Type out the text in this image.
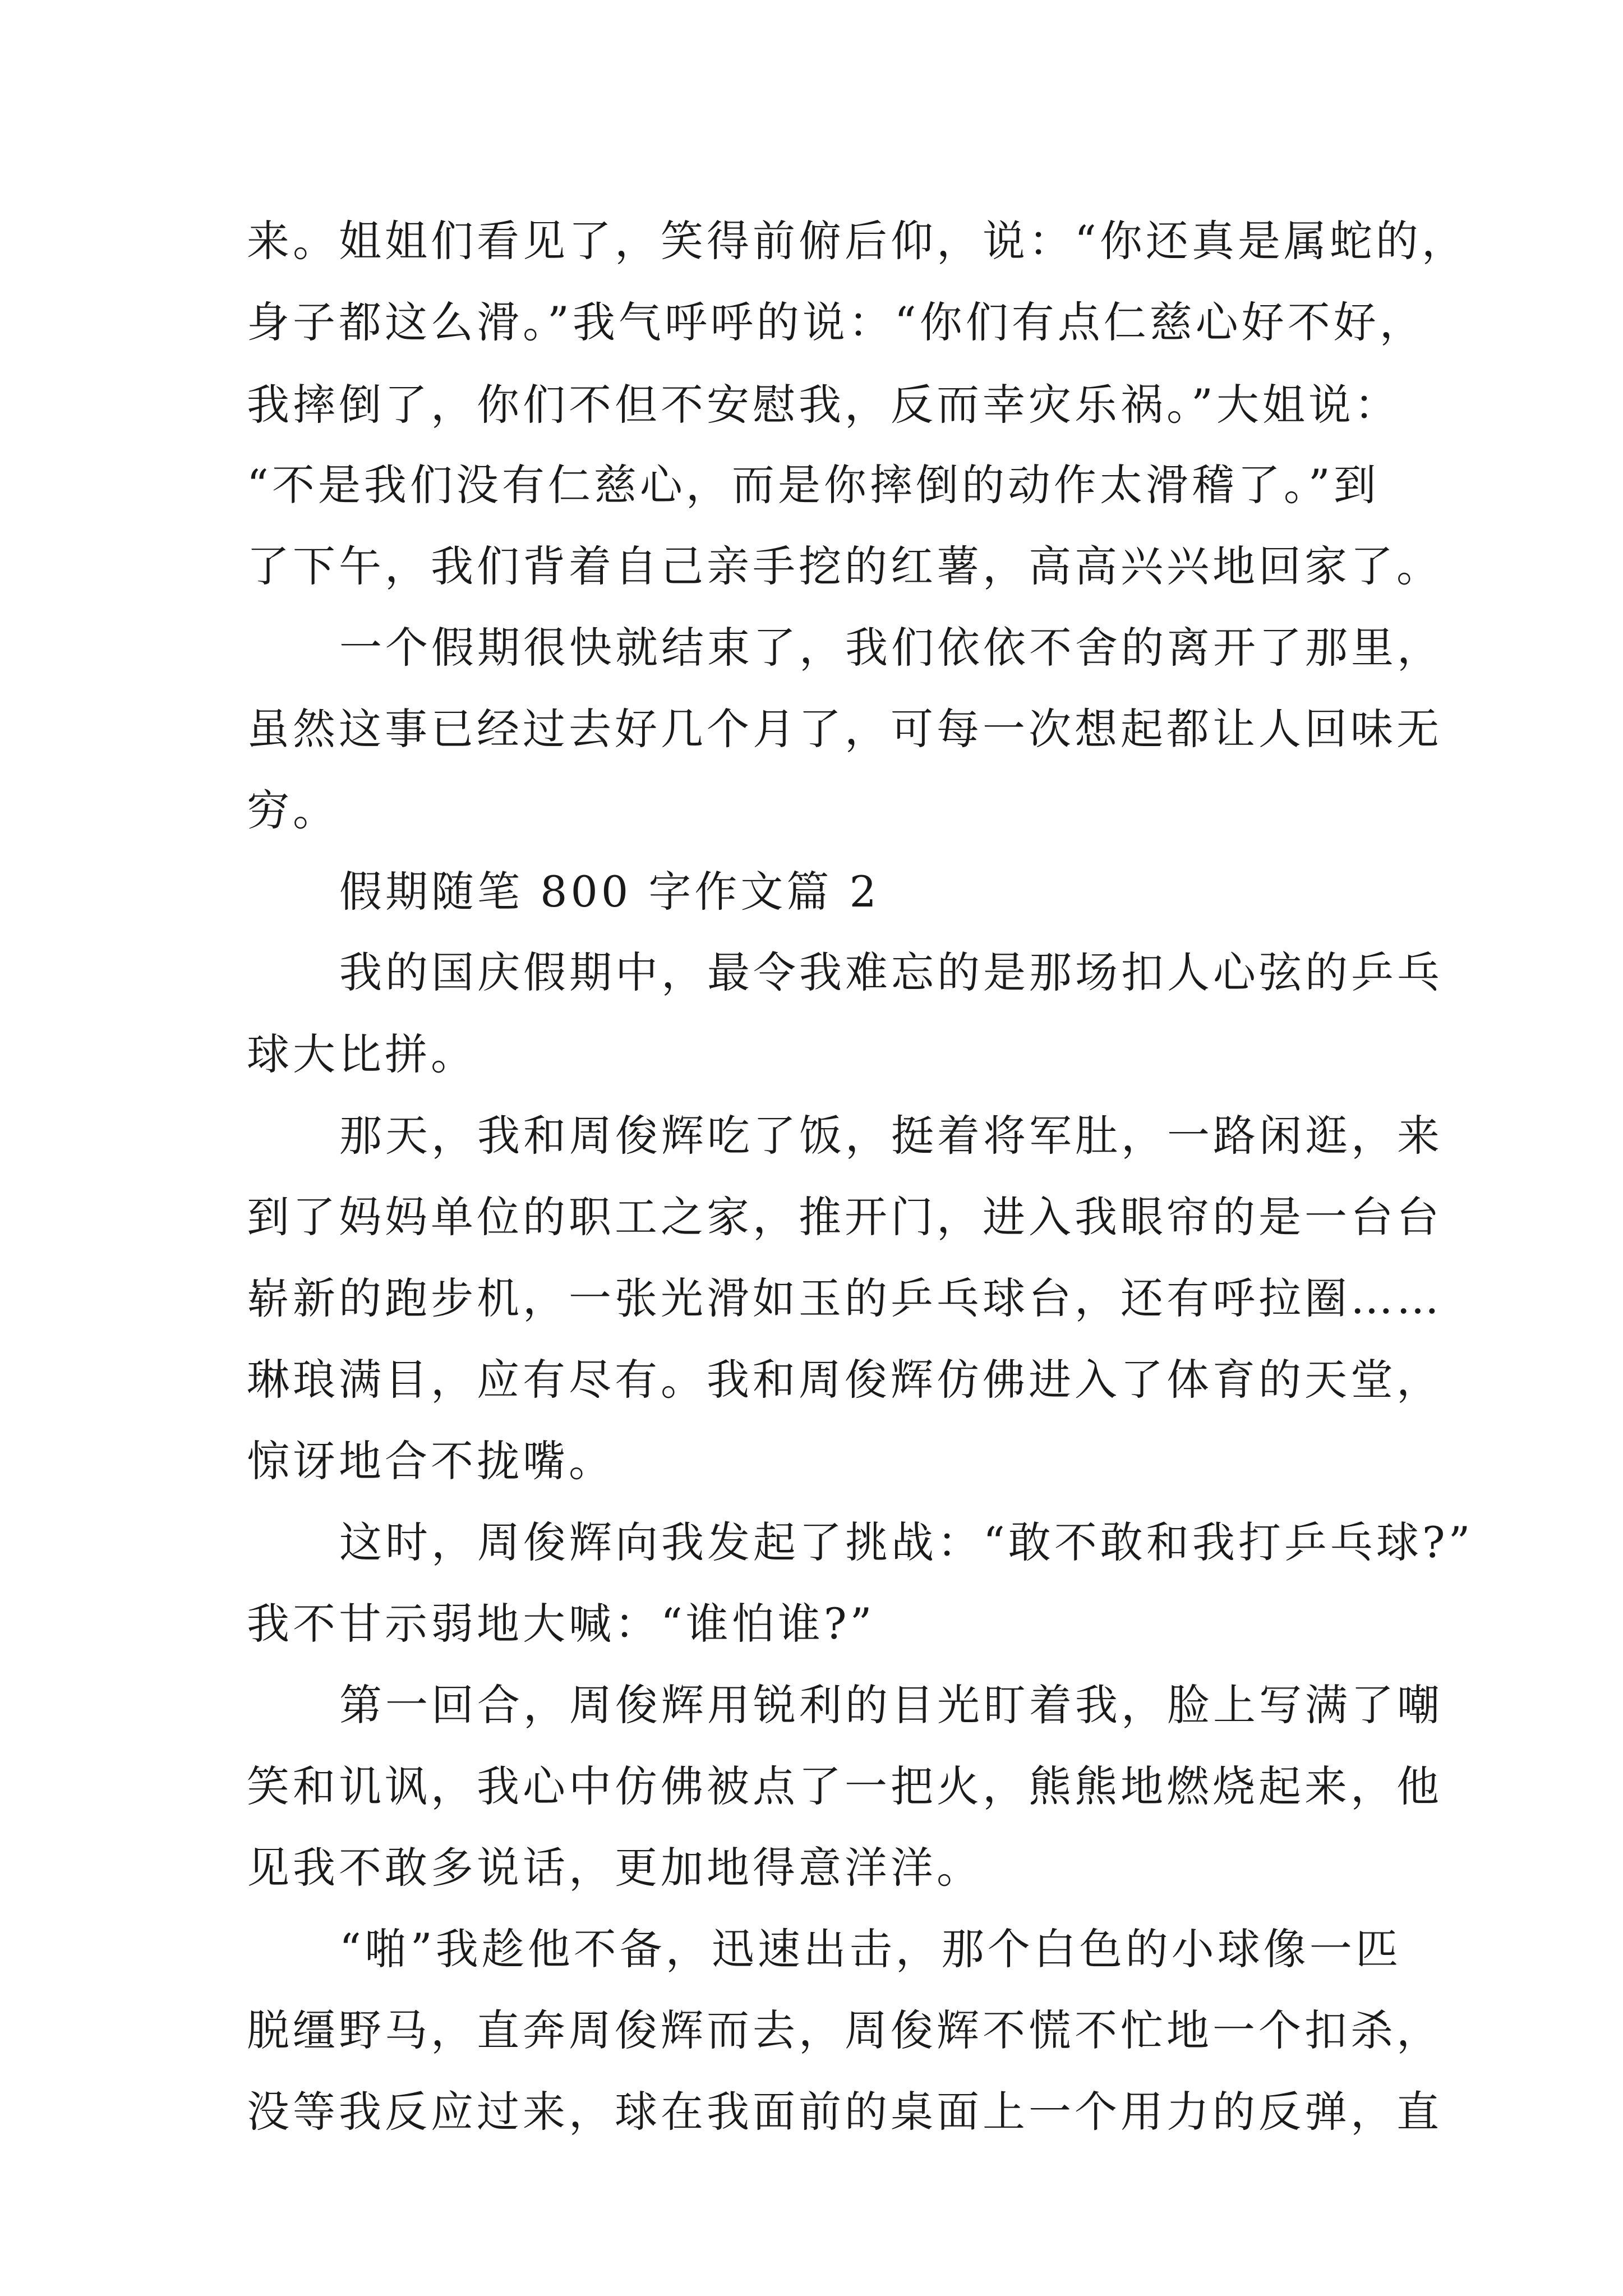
来。姐姐们看见了，笑得前俯后仰，说：“你还真是属蛇的，
身子都这么滑。”我气呼呼的说：“你们有点仁慈心好不好，
我摔倒了，你们不但不安慰我，反而幸灾乐祸。”大姐说：
“不是我们没有仁慈心，而是你摔倒的动作太滑稽了。”到
了下午，我们背着自己亲手挖的红薯，高高兴兴地回家了。
一个假期很快就结束了，我们依依不舍的离开了那里，
虽然这事已经过去好几个月了，可每一次想起都让人回味无
穷。
假期随笔 800 字作文篇 2
我的国庆假期中，最令我难忘的是那场扣人心弦的乒乓
球大比拼。
那天，我和周俊辉吃了饭，挺着将军肚，一路闲逛，来
到了妈妈单位的职工之家，推开门，进入我眼帘的是一台台
崭新的跑步机，一张光滑如玉的乒乓球台，还有呼拉圈……
琳琅满目，应有尽有。我和周俊辉仿佛进入了体育的天堂，
惊讶地合不拢嘴。
这时，周俊辉向我发起了挑战：“敢不敢和我打乒乓球?”
我不甘示弱地大喊：“谁怕谁?”
第一回合，周俊辉用锐利的目光盯着我，脸上写满了嘲
笑和讥讽，我心中仿佛被点了一把火，熊熊地燃烧起来，他
见我不敢多说话，更加地得意洋洋。
“啪”我趁他不备，迅速出击，那个白色的小球像一匹
脱缰野马，直奔周俊辉而去，周俊辉不慌不忙地一个扣杀，
没等我反应过来，球在我面前的桌面上一个用力的反弹，直
